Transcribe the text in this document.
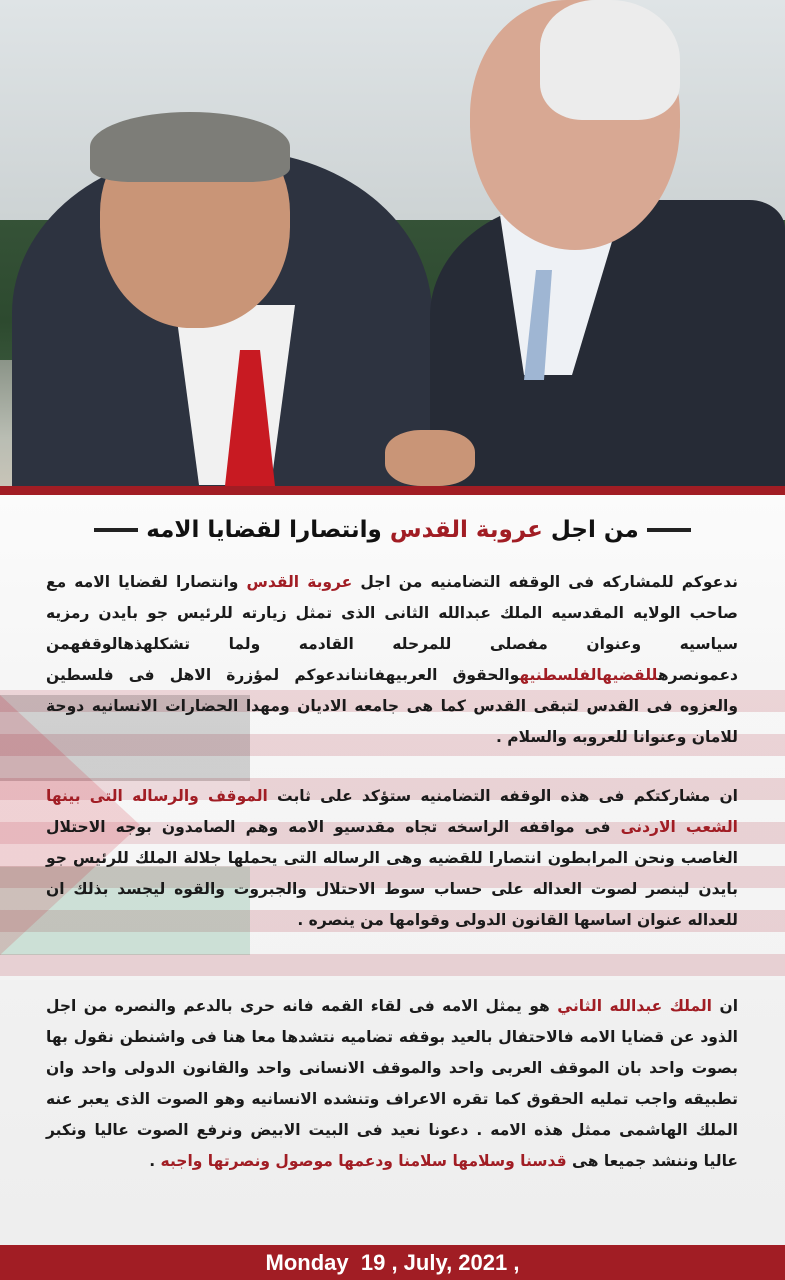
من اجل عروبة القدس وانتصارا لقضايا الامه
ندعوكم للمشاركه فى الوقفه التضامنيه من اجل عروبة القدس وانتصارا لقضايا الامه مع صاحب الولايه المقدسيه الملك عبدالله الثانى الذى تمثل زيارته للرئيس جو بايدن رمزيه سياسيه وعنوان مفصلى للمرحله القادمه ولما تشكلهذهالوقفهمن دعمونصرهللقضيهالفلسطنيهوالحقوق العربيهفانناندعوكم لمؤزرة الاهل فى فلسطين والعزوه فى القدس لتبقى القدس كما هى جامعه الاديان ومهدا الحضارات الانسانيه دوحة للامان وعنوانا للعروبه والسلام .
ان مشاركتكم فى هذه الوقفه التضامنيه ستؤكد على ثابت الموقف والرساله التى بينها الشعب الاردنى فى مواقفه الراسخه تجاه مقدسيو الامه وهم الصامدون بوجه الاحتلال الغاصب ونحن المرابطون انتصارا للقضيه وهى الرساله التى يحملها جلالة الملك للرئيس جو بايدن لينصر لصوت العداله على حساب سوط الاحتلال والجبروت والقوه ليجسد بذلك ان للعداله عنوان اساسها القانون الدولى وقوامها من ينصره .
ان الملك عبدالله الثاني هو يمثل الامه فى لقاء القمه فانه حرى بالدعم والنصره من اجل الذود عن قضايا الامه فالاحتفال بالعيد بوقفه تضاميه نتشدها معا هنا فى واشنطن نقول بها بصوت واحد بان الموقف العربى واحد والموقف الانسانى واحد والقانون الدولى واحد وان تطبيقه واجب تمليه الحقوق كما تقره الاعراف وتنشده الانسانيه وهو الصوت الذى يعبر عنه الملك الهاشمى ممثل هذه الامه . دعونا نعيد فى البيت الابيض ونرفع الصوت عاليا ونكبر عاليا وننشد جميعا هى قدسنا وسلامها سلامنا ودعمها موصول ونصرتها واجبه .
Monday  19 , July, 2021 ,
